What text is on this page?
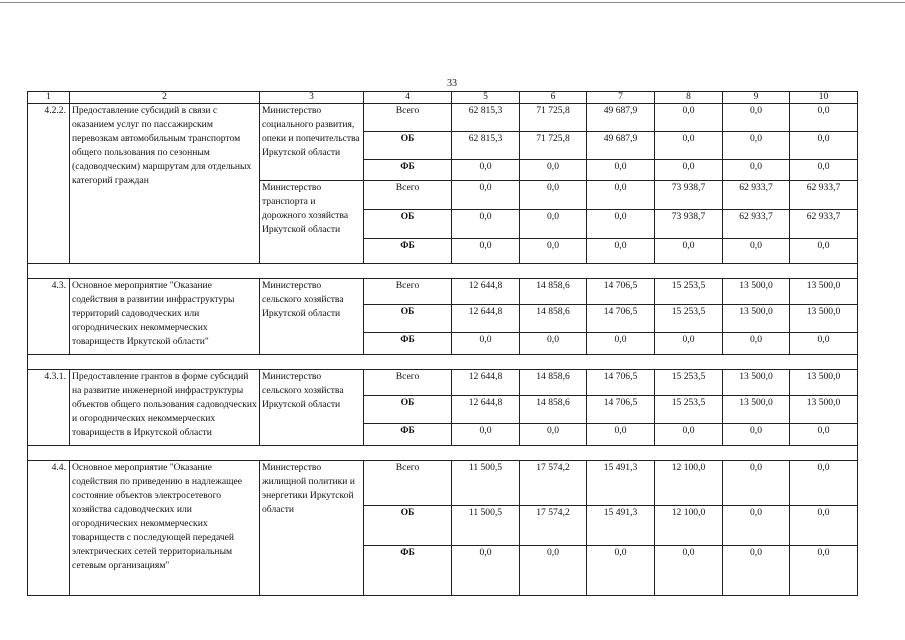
33
1	2	3	4	5	6	7	8	9	10
4.2.2.	Предоставление субсидий в связи с оказанием услуг по пассажирским перевозкам автомобильным транспортом общего пользования по сезонным (садоводческим) маршрутам для отдельных категорий граждан	Министерство социального развития, опеки и попечительства Иркутской области	Всего	62 815,3	71 725,8	49 687,9	0,0	0,0	0,0
			ОБ	62 815,3	71 725,8	49 687,9	0,0	0,0	0,0
			ФБ	0,0	0,0	0,0	0,0	0,0	0,0
		Министерство транспорта и дорожного хозяйства Иркутской области	Всего	0,0	0,0	0,0	73 938,7	62 933,7	62 933,7
			ОБ	0,0	0,0	0,0	73 938,7	62 933,7	62 933,7
			ФБ	0,0	0,0	0,0	0,0	0,0	0,0

4.3.	Основное мероприятие "Оказание содействия в развитии инфраструктуры территорий садоводческих или огороднических некоммерческих товариществ Иркутской области"	Министерство сельского хозяйства Иркутской области	Всего	12 644,8	14 858,6	14 706,5	15 253,5	13 500,0	13 500,0
			ОБ	12 644,8	14 858,6	14 706,5	15 253,5	13 500,0	13 500,0
			ФБ	0,0	0,0	0,0	0,0	0,0	0,0

4.3.1.	Предоставление грантов в форме субсидий на развитие инженерной инфраструктуры объектов общего пользования садоводческих и огороднических некоммерческих товариществ в Иркутской области	Министерство сельского хозяйства Иркутской области	Всего	12 644,8	14 858,6	14 706,5	15 253,5	13 500,0	13 500,0
			ОБ	12 644,8	14 858,6	14 706,5	15 253,5	13 500,0	13 500,0
			ФБ	0,0	0,0	0,0	0,0	0,0	0,0

4.4.	Основное мероприятие "Оказание содействия по приведению в надлежащее состояние объектов электросетевого хозяйства садоводческих или огороднических некоммерческих товариществ с последующей передачей электрических сетей территориальным сетевым организациям"	Министерство жилищной политики и энергетики Иркутской области	Всего	11 500,5	17 574,2	15 491,3	12 100,0	0,0	0,0
			ОБ	11 500,5	17 574,2	15 491,3	12 100,0	0,0	0,0
			ФБ	0,0	0,0	0,0	0,0	0,0	0,0
